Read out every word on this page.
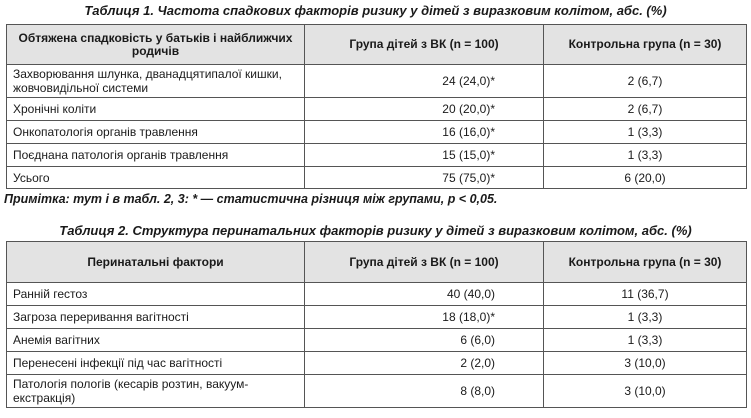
Таблиця 1. Частота спадкових факторів ризику у дітей з виразковим колітом, абс. (%)
Обтяжена спадковість у батьків і найближчих родичів	Група дітей з ВК (n = 100)	Контрольна група (n = 30)
Захворювання шлунка, дванадцятипалої кишки, жовчовидільної системи	24 (24,0)*	2 (6,7)
Хронічні коліти	20 (20,0)*	2 (6,7)
Онкопатологія органів травлення	16 (16,0)*	1 (3,3)
Поєднана патологія органів травлення	15 (15,0)*	1 (3,3)
Усього	75 (75,0)*	6 (20,0)
Примітка: тут і в табл. 2, 3: * — статистична різниця між групами, р < 0,05.
Таблиця 2. Структура перинатальних факторів ризику у дітей з виразковим колітом, абс. (%)
Перинатальні фактори	Група дітей з ВК (n = 100)	Контрольна група (n = 30)
Ранній гестоз	40 (40,0)	11 (36,7)
Загроза переривання вагітності	18 (18,0)*	1 (3,3)
Анемія вагітних	6 (6,0)	1 (3,3)
Перенесені інфекції під час вагітності	2 (2,0)	3 (10,0)
Патологія пологів (кесарів розтин, вакуум-екстракція)	8 (8,0)	3 (10,0)
